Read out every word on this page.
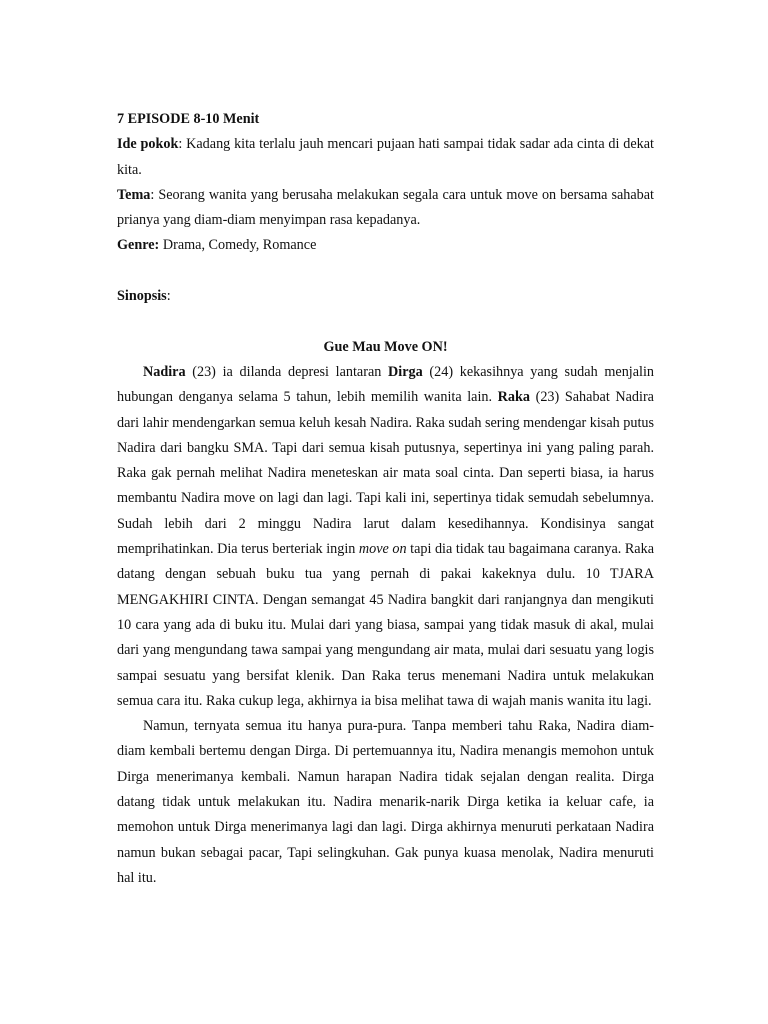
7 EPISODE 8-10 Menit

Ide pokok: Kadang kita terlalu jauh mencari pujaan hati sampai tidak sadar ada cinta di dekat kita.

Tema: Seorang wanita yang berusaha melakukan segala cara untuk move on bersama sahabat prianya yang diam-diam menyimpan rasa kepadanya.

Genre: Drama, Comedy, Romance

Sinopsis:

Gue Mau Move ON!

Nadira (23) ia dilanda depresi lantaran Dirga (24) kekasihnya yang sudah menjalin hubungan denganya selama 5 tahun, lebih memilih wanita lain. Raka (23) Sahabat Nadira dari lahir mendengarkan semua keluh kesah Nadira. Raka sudah sering mendengar kisah putus Nadira dari bangku SMA. Tapi dari semua kisah putusnya, sepertinya ini yang paling parah. Raka gak pernah melihat Nadira meneteskan air mata soal cinta. Dan seperti biasa, ia harus membantu Nadira move on lagi dan lagi. Tapi kali ini, sepertinya tidak semudah sebelumnya. Sudah lebih dari 2 minggu Nadira larut dalam kesedihannya. Kondisinya sangat memprihatinkan. Dia terus berteriak ingin move on tapi dia tidak tau bagaimana caranya. Raka datang dengan sebuah buku tua yang pernah di pakai kakeknya dulu. 10 TJARA MENGAKHIRI CINTA. Dengan semangat 45 Nadira bangkit dari ranjangnya dan mengikuti 10 cara yang ada di buku itu. Mulai dari yang biasa, sampai yang tidak masuk di akal, mulai dari yang mengundang tawa sampai yang mengundang air mata, mulai dari sesuatu yang logis sampai sesuatu yang bersifat klenik. Dan Raka terus menemani Nadira untuk melakukan semua cara itu. Raka cukup lega, akhirnya ia bisa melihat tawa di wajah manis wanita itu lagi.

Namun, ternyata semua itu hanya pura-pura. Tanpa memberi tahu Raka, Nadira diam-diam kembali bertemu dengan Dirga. Di pertemuannya itu, Nadira menangis memohon untuk Dirga menerimanya kembali. Namun harapan Nadira tidak sejalan dengan realita. Dirga datang tidak untuk melakukan itu. Nadira menarik-narik Dirga ketika ia keluar cafe, ia memohon untuk Dirga menerimanya lagi dan lagi. Dirga akhirnya menuruti perkataan Nadira namun bukan sebagai pacar, Tapi selingkuhan. Gak punya kuasa menolak, Nadira menuruti hal itu.
